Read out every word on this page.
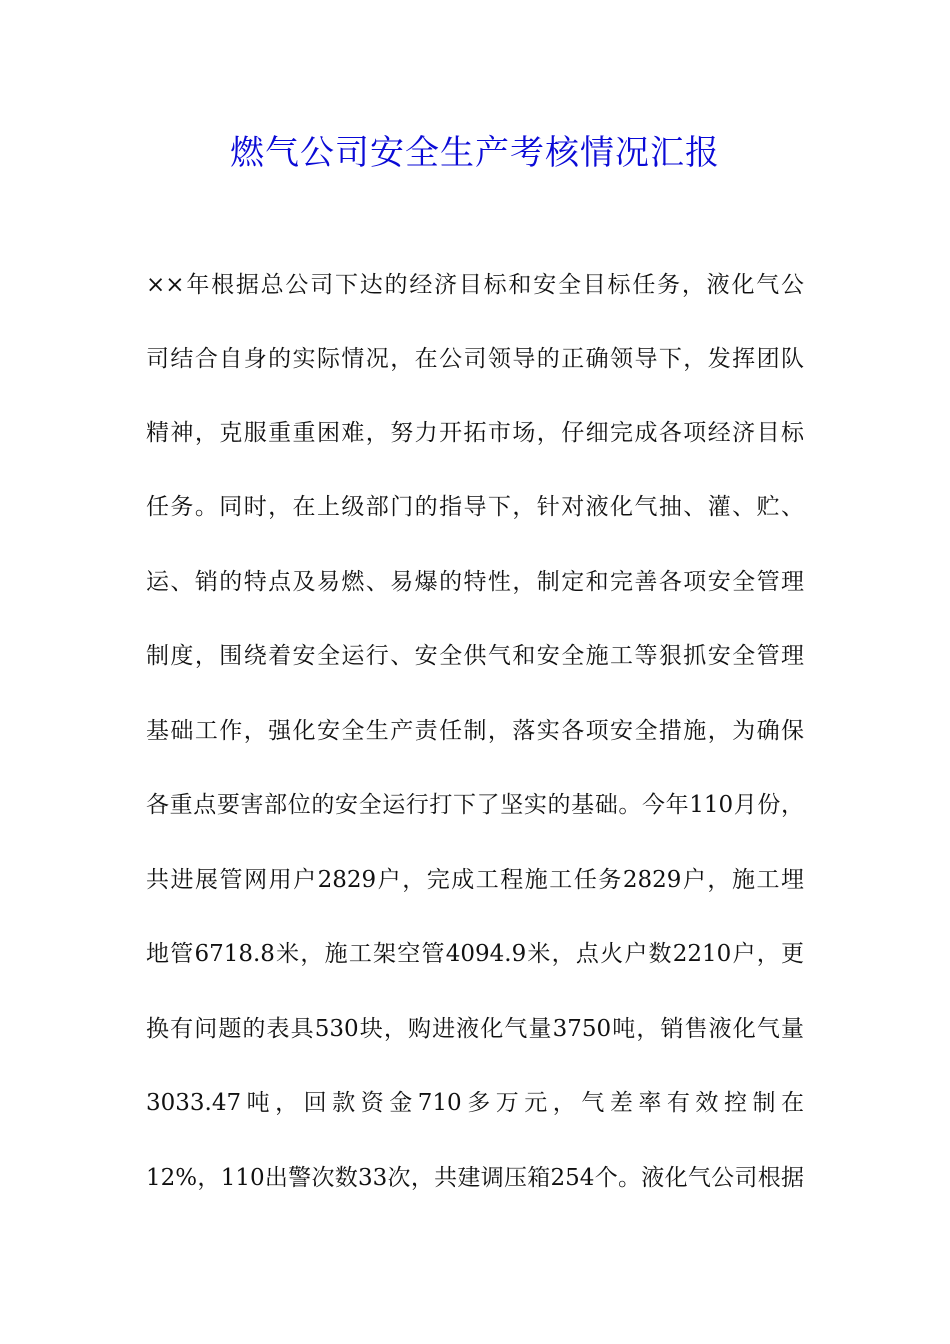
燃气公司安全生产考核情况汇报
××年根据总公司下达的经济目标和安全目标任务，液化气公
司结合自身的实际情况，在公司领导的正确领导下，发挥团队
精神，克服重重困难，努力开拓市场，仔细完成各项经济目标
任务。同时，在上级部门的指导下，针对液化气抽、灌、贮、
运、销的特点及易燃、易爆的特性，制定和完善各项安全管理
制度，围绕着安全运行、安全供气和安全施工等狠抓安全管理
基础工作，强化安全生产责任制，落实各项安全措施，为确保
各重点要害部位的安全运行打下了坚实的基础。今年110月份，
共进展管网用户2829户，完成工程施工任务2829户，施工埋
地管6718.8米，施工架空管4094.9米，点火户数2210户，更
换有问题的表具530块，购进液化气量3750吨，销售液化气量
3033.47吨，回款资金710多万元，气差率有效控制在
12%，110出警次数33次，共建调压箱254个。液化气公司根据
